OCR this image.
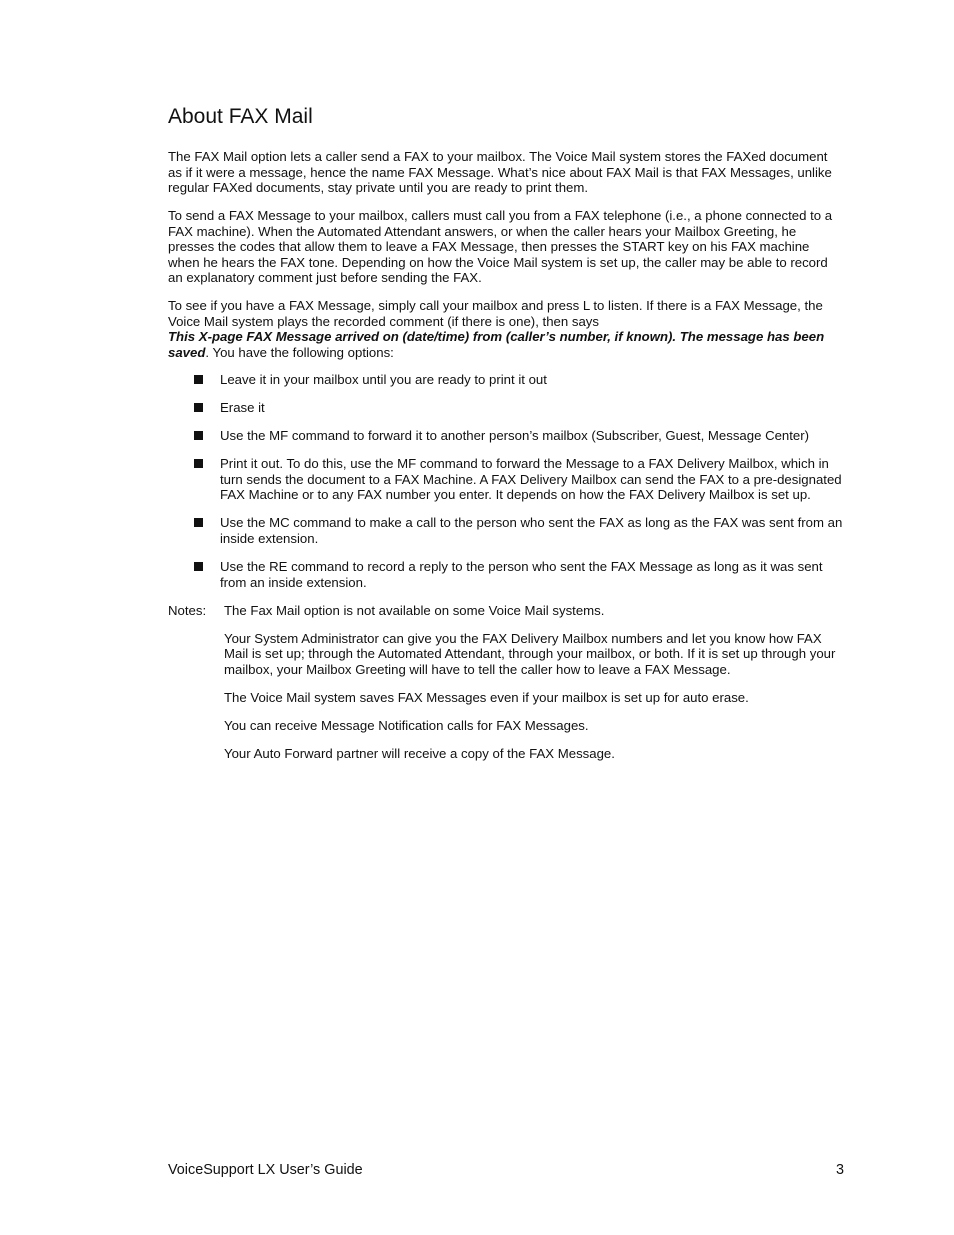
About FAX Mail

The FAX Mail option lets a caller send a FAX to your mailbox. The Voice Mail system stores the FAXed document as if it were a message, hence the name FAX Message. What’s nice about FAX Mail is that FAX Messages, unlike regular FAXed documents, stay private until you are ready to print them.

To send a FAX Message to your mailbox, callers must call you from a FAX telephone (i.e., a phone connected to a FAX machine). When the Automated Attendant answers, or when the caller hears your Mailbox Greeting, he presses the codes that allow them to leave a FAX Message, then presses the START key on his FAX machine when he hears the FAX tone. Depending on how the Voice Mail system is set up, the caller may be able to record an explanatory comment just before sending the FAX.

To see if you have a FAX Message, simply call your mailbox and press L to listen. If there is a FAX Message, the Voice Mail system plays the recorded comment (if there is one), then says
This X-page FAX Message arrived on (date/time) from (caller’s number, if known). The message has been saved. You have the following options:

Leave it in your mailbox until you are ready to print it out
Erase it
Use the MF command to forward it to another person’s mailbox (Subscriber, Guest, Message Center)
Print it out. To do this, use the MF command to forward the Message to a FAX Delivery Mailbox, which in turn sends the document to a FAX Machine. A FAX Delivery Mailbox can send the FAX to a pre-designated FAX Machine or to any FAX number you enter. It depends on how the FAX Delivery Mailbox is set up.
Use the MC command to make a call to the person who sent the FAX as long as the FAX was sent from an inside extension.
Use the RE command to record a reply to the person who sent the FAX Message as long as it was sent from an inside extension.
Notes:	The Fax Mail option is not available on some Voice Mail systems.

Your System Administrator can give you the FAX Delivery Mailbox numbers and let you know how FAX Mail is set up; through the Automated Attendant, through your mailbox, or both. If it is set up through your mailbox, your Mailbox Greeting will have to tell the caller how to leave a FAX Message.

The Voice Mail system saves FAX Messages even if your mailbox is set up for auto erase.

You can receive Message Notification calls for FAX Messages.

Your Auto Forward partner will receive a copy of the FAX Message.

VoiceSupport LX User’s Guide	3
